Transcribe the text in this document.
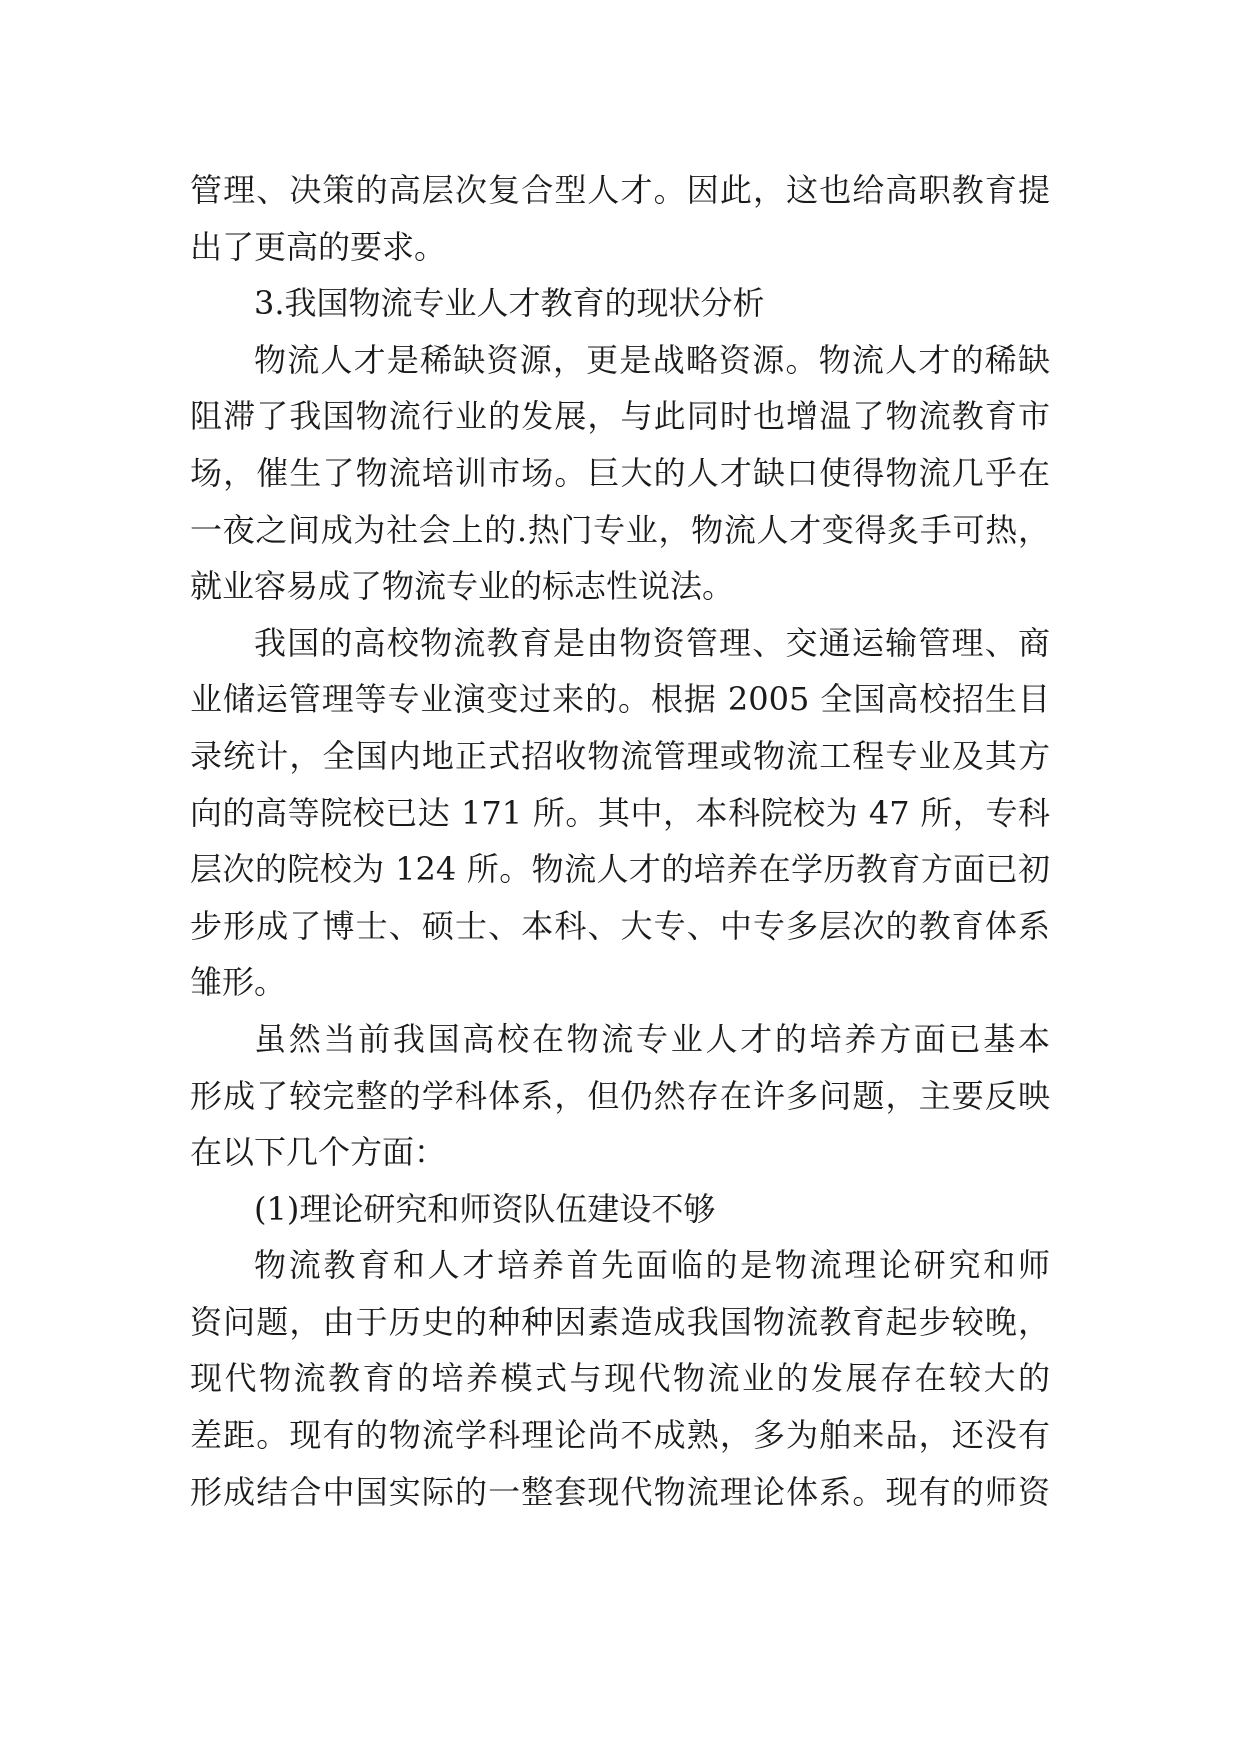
管理、决策的高层次复合型人才。因此，这也给高职教育提
出了更高的要求。
3.我国物流专业人才教育的现状分析
物流人才是稀缺资源，更是战略资源。物流人才的稀缺
阻滞了我国物流行业的发展，与此同时也增温了物流教育市
场，催生了物流培训市场。巨大的人才缺口使得物流几乎在
一夜之间成为社会上的.热门专业，物流人才变得炙手可热，
就业容易成了物流专业的标志性说法。
我国的高校物流教育是由物资管理、交通运输管理、商
业储运管理等专业演变过来的。根据 2005 全国高校招生目
录统计，全国内地正式招收物流管理或物流工程专业及其方
向的高等院校已达 171 所。其中，本科院校为 47 所，专科
层次的院校为 124 所。物流人才的培养在学历教育方面已初
步形成了博士、硕士、本科、大专、中专多层次的教育体系
雏形。
虽然当前我国高校在物流专业人才的培养方面已基本
形成了较完整的学科体系，但仍然存在许多问题，主要反映
在以下几个方面：
(1)理论研究和师资队伍建设不够
物流教育和人才培养首先面临的是物流理论研究和师
资问题，由于历史的种种因素造成我国物流教育起步较晚，
现代物流教育的培养模式与现代物流业的发展存在较大的
差距。现有的物流学科理论尚不成熟，多为舶来品，还没有
形成结合中国实际的一整套现代物流理论体系。现有的师资
